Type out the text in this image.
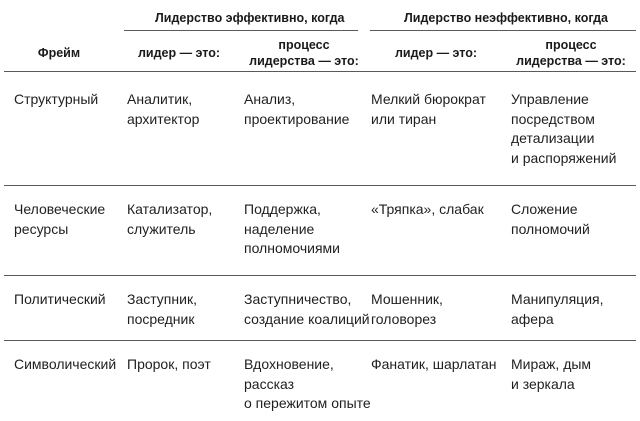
Лидерство эффективно, когда	Лидерство неэффективно, когда
Фрейм	лидер — это:
процесс
лидерства — это:
лидер — это:
процесс
лидерства — это:
Структурный Аналитик,
архитектор
Анализ,
проектирование
Мелкий бюрократ
или тиран
Управление
посредством
детализации
и распоряжений
Человеческие
ресурсы
Катализатор,
служитель
Поддержка,
наделение
полномочиями
«Тряпка», слабак Сложение
полномочий
Политический Заступник,
посредник
Заступничество,
создание коалиций
Мошенник,
головорез
Манипуляция,
афера
Символический Пророк, поэт Вдохновение,
рассказ
о пережитом опыте
Фанатик, шарлатан Мираж, дым
и зеркала
